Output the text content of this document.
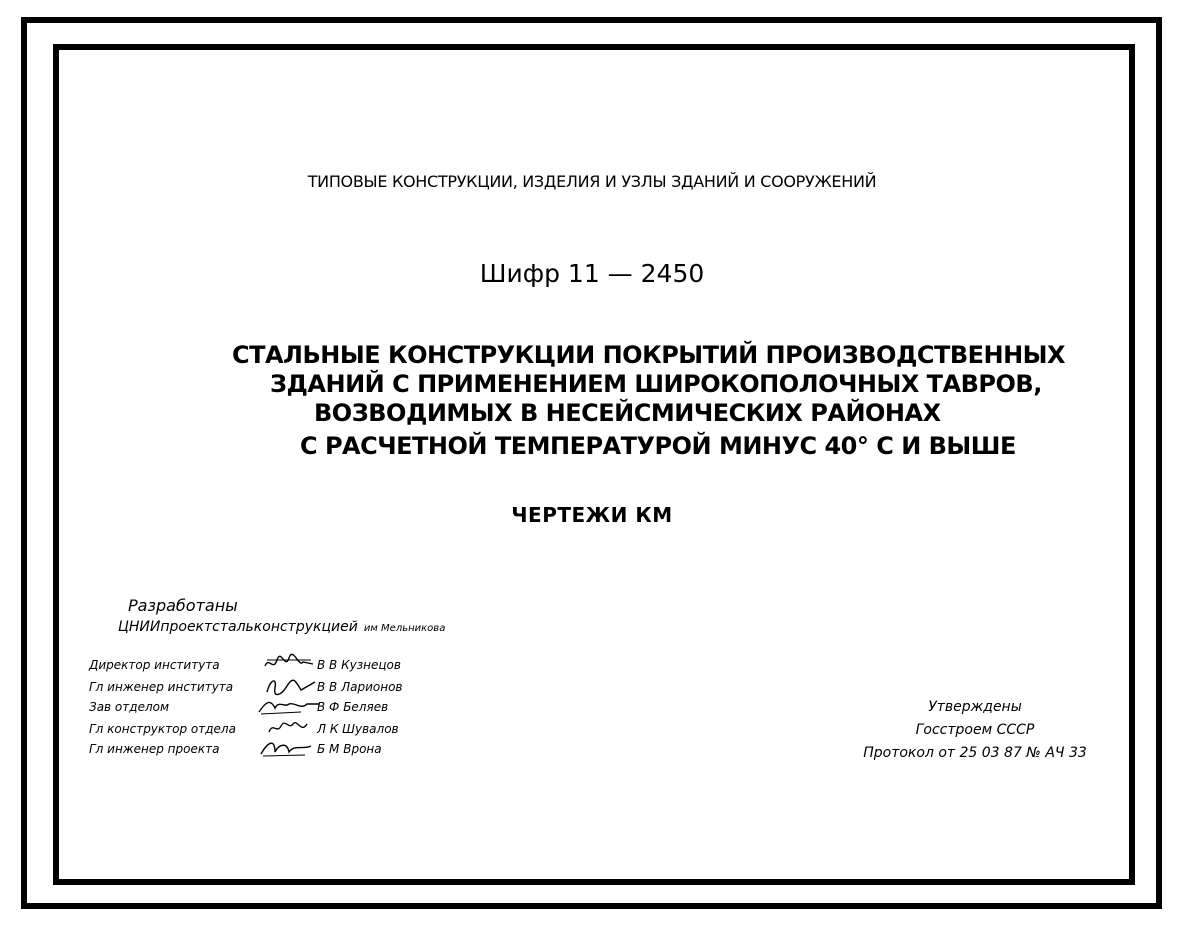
ТИПОВЫЕ КОНСТРУКЦИИ, ИЗДЕЛИЯ И УЗЛЫ ЗДАНИЙ И СООРУЖЕНИЙ
Шифр 11 — 2450
СТАЛЬНЫЕ КОНСТРУКЦИИ ПОКРЫТИЙ ПРОИЗВОДСТВЕННЫХ
ЗДАНИЙ С ПРИМЕНЕНИЕМ ШИРОКОПОЛОЧНЫХ ТАВРОВ,
ВОЗВОДИМЫХ В НЕСЕЙСМИЧЕСКИХ РАЙОНАХ
С РАСЧЕТНОЙ ТЕМПЕРАТУРОЙ МИНУС 40° С И ВЫШЕ
ЧЕРТЕЖИ КМ
Разработаны
ЦНИИпроектстальконструкцией им Мельникова
Директор института	В В Кузнецов
Гл инженер института	В В Ларионов
Зав отделом	В Ф Беляев
Гл конструктор отдела	Л К Шувалов
Гл инженер проекта	Б М Врона
Утверждены
Госстроем СССР
Протокол от 25 03 87 № АЧ 33
